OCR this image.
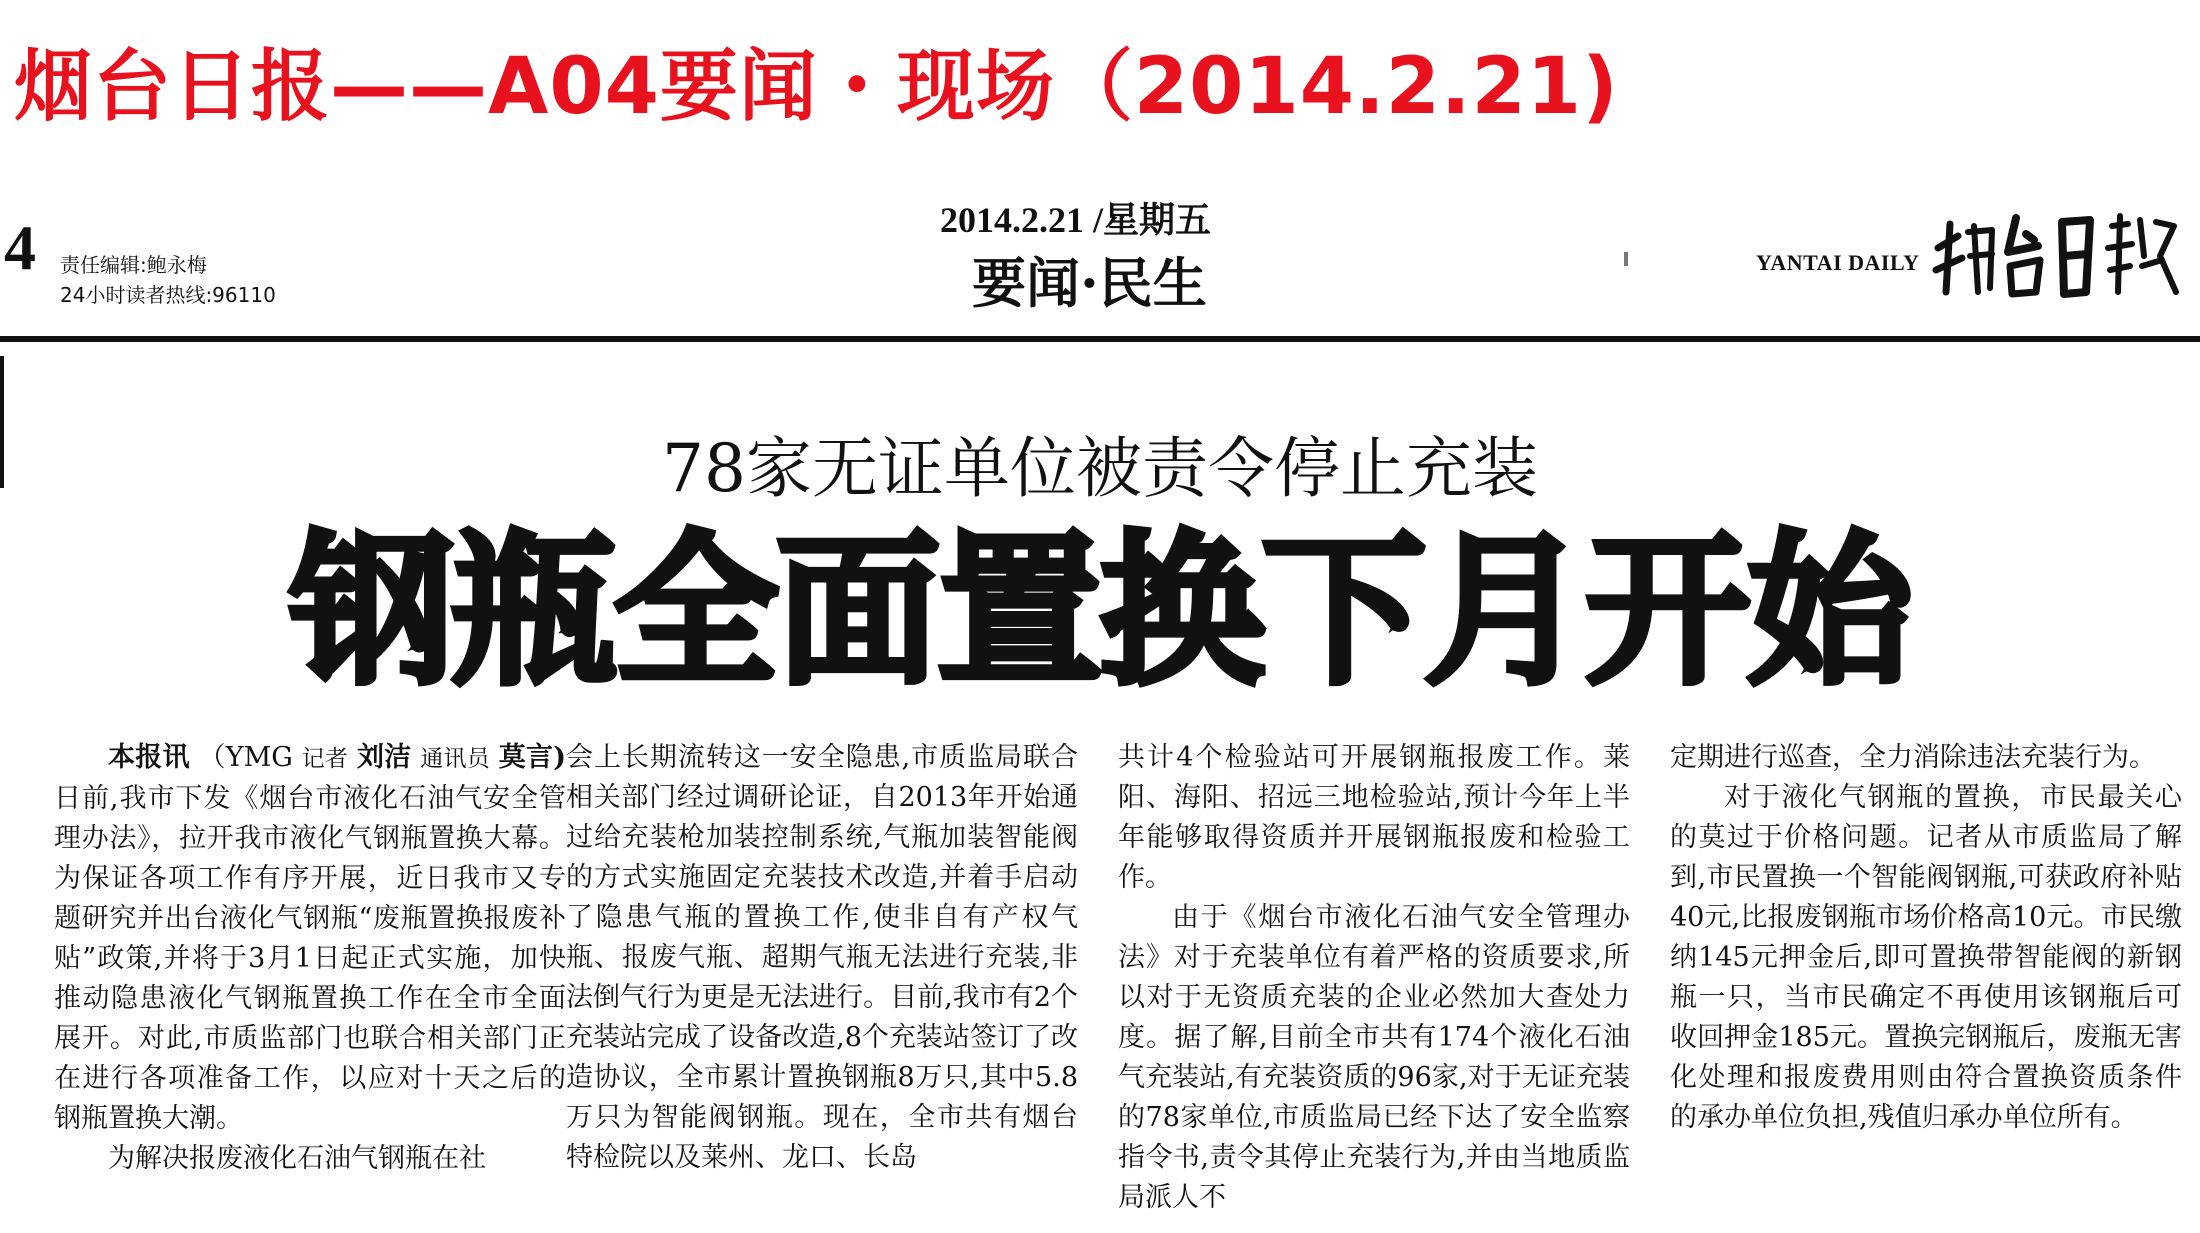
烟台日报——A04要闻・现场（2014.2.21)
4 责任编辑:鲍永梅
24小时读者热线:96110
2014.2.21 /星期五
要闻·民生	YANTAI DAILY
78家无证单位被责令停止充装
钢瓶全面置换下月开始

本报讯 （YMG 记者 刘洁 通讯员 莫言)日前,我市下发《烟台市液化石油气安全管理办法》，拉开我市液化气钢瓶置换大幕。为保证各项工作有序开展，近日我市又专题研究并出台液化气钢瓶“废瓶置换报废补贴”政策,并将于3月1日起正式实施，加快推动隐患液化气钢瓶置换工作在全市全面展开。对此,市质监部门也联合相关部门正在进行各项准备工作，以应对十天之后的钢瓶置换大潮。

为解决报废液化石油气钢瓶在社

会上长期流转这一安全隐患,市质监局联合相关部门经过调研论证，自2013年开始通过给充装枪加装控制系统,气瓶加装智能阀的方式实施固定充装技术改造,并着手启动了隐患气瓶的置换工作,使非自有产权气瓶、报废气瓶、超期气瓶无法进行充装,非法倒气行为更是无法进行。目前,我市有2个充装站完成了设备改造,8个充装站签订了改造协议，全市累计置换钢瓶8万只,其中5.8万只为智能阀钢瓶。现在，全市共有烟台特检院以及莱州、龙口、长岛

共计4个检验站可开展钢瓶报废工作。莱阳、海阳、招远三地检验站,预计今年上半年能够取得资质并开展钢瓶报废和检验工作。

由于《烟台市液化石油气安全管理办法》对于充装单位有着严格的资质要求,所以对于无资质充装的企业必然加大查处力度。据了解,目前全市共有174个液化石油气充装站,有充装资质的96家,对于无证充装的78家单位,市质监局已经下达了安全监察指令书,责令其停止充装行为,并由当地质监局派人不

定期进行巡查，全力消除违法充装行为。

对于液化气钢瓶的置换，市民最关心的莫过于价格问题。记者从市质监局了解到,市民置换一个智能阀钢瓶,可获政府补贴40元,比报废钢瓶市场价格高10元。市民缴纳145元押金后,即可置换带智能阀的新钢瓶一只，当市民确定不再使用该钢瓶后可收回押金185元。置换完钢瓶后，废瓶无害化处理和报废费用则由符合置换资质条件的承办单位负担,残值归承办单位所有。
